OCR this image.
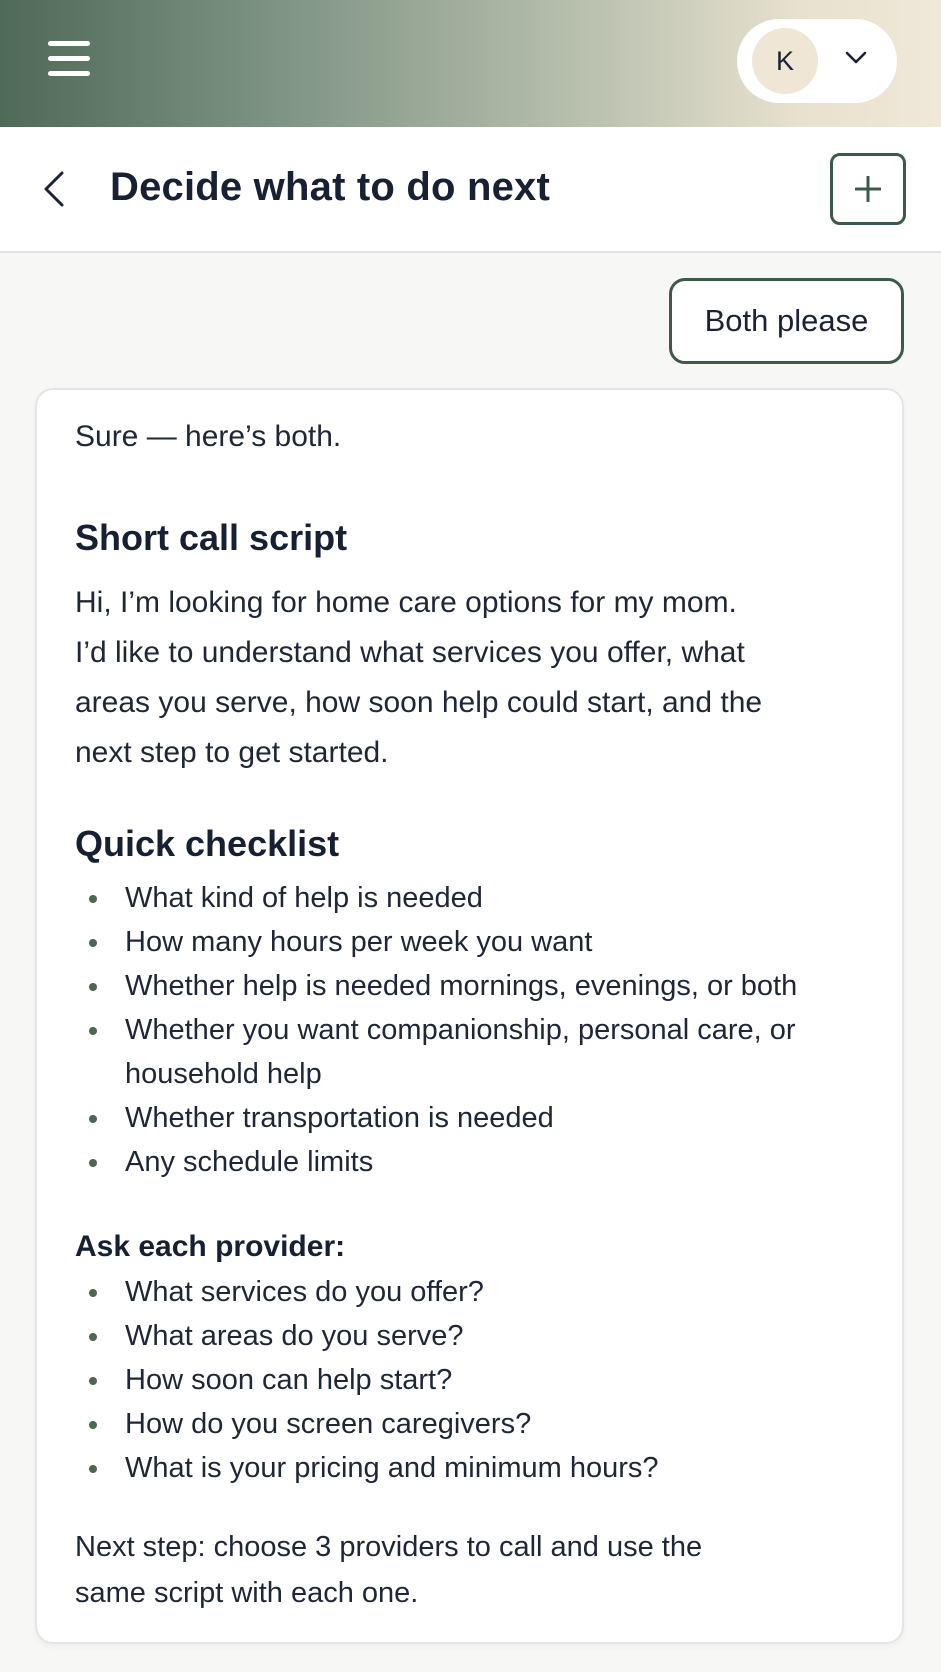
K
Decide what to do next
Both please
Sure — here’s both.
Short call script
Hi, I’m looking for home care options for my mom.
I’d like to understand what services you offer, what
areas you serve, how soon help could start, and the
next step to get started.
Quick checklist
What kind of help is needed
How many hours per week you want
Whether help is needed mornings, evenings, or both
Whether you want companionship, personal care, or
household help
Whether transportation is needed
Any schedule limits
Ask each provider:
What services do you offer?
What areas do you serve?
How soon can help start?
How do you screen caregivers?
What is your pricing and minimum hours?
Next step: choose 3 providers to call and use the
same script with each one.
